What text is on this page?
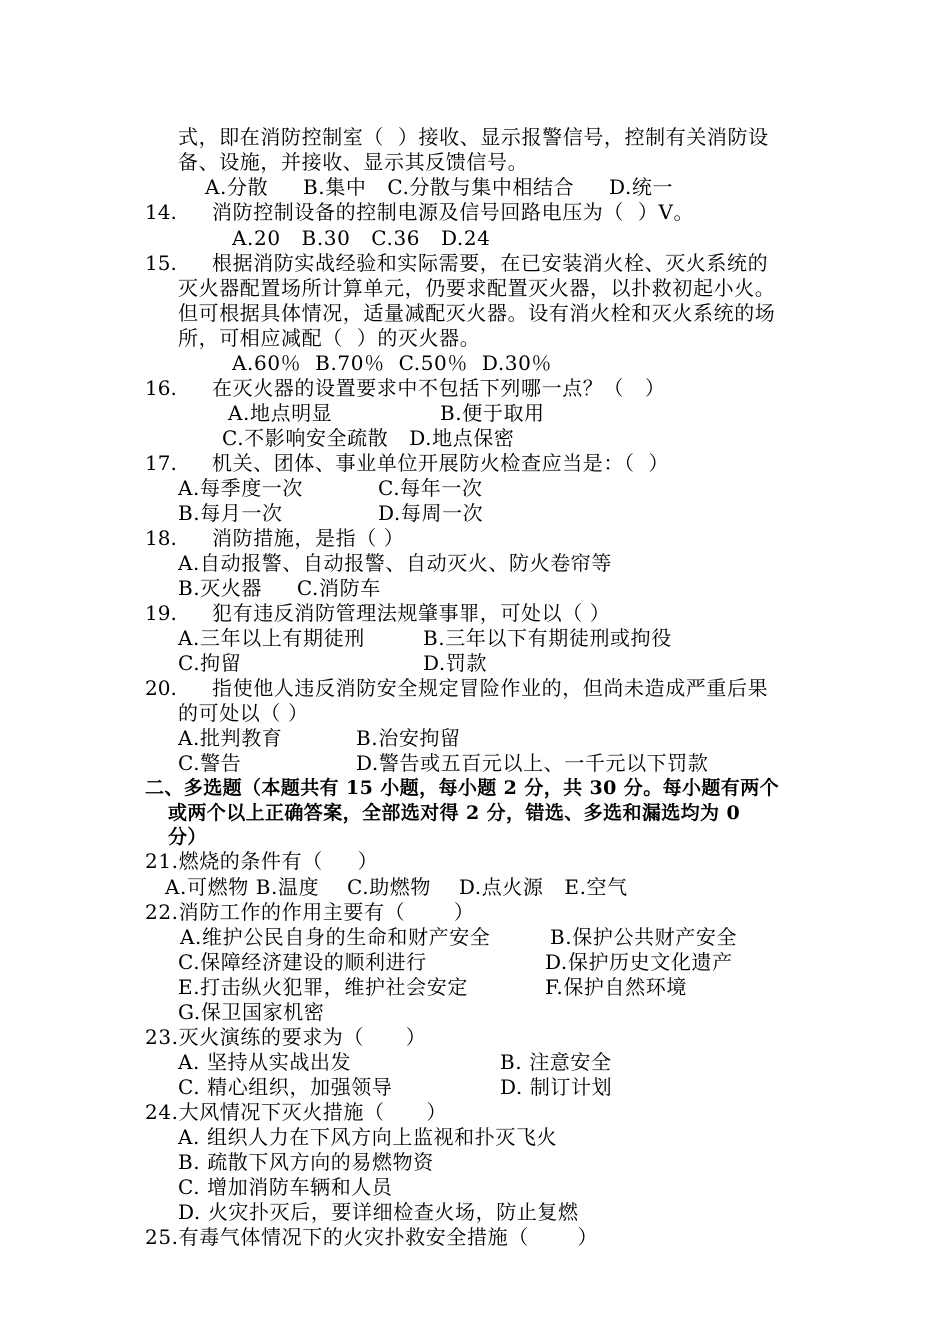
式，即在消防控制室（  ）接收、显示报警信号，控制有关消防设
备、设施，并接收、显示其反馈信号。
A.分散     B.集中   C.分散与集中相结合     D.统一
14. 消防控制设备的控制电源及信号回路电压为（  ）V。
A.20   B.30   C.36   D.24
15. 根据消防实战经验和实际需要，在已安装消火栓、灭火系统的
灭火器配置场所计算单元，仍要求配置灭火器，以扑救初起小火。
但可根据具体情况，适量减配灭火器。设有消火栓和灭火系统的场
所，可相应减配（  ）的灭火器。
A.60％  B.70％  C.50％  D.30％
16. 在灭火器的设置要求中不包括下列哪一点？（   ）
A.地点明显	B.便于取用
C.不影响安全疏散   D.地点保密
17. 机关、团体、事业单位开展防火检查应当是：（  ）
A.每季度一次	C.每年一次
B.每月一次	D.每周一次
18. 消防措施，是指（ ）
A.自动报警、自动报警、自动灭火、防火卷帘等
B.灭火器     C.消防车
19. 犯有违反消防管理法规肇事罪，可处以（ ）
A.三年以上有期徒刑	B.三年以下有期徒刑或拘役
C.拘留	D.罚款
20. 指使他人违反消防安全规定冒险作业的，但尚未造成严重后果
的可处以（ ）
A.批判教育	B.治安拘留
C.警告	D.警告或五百元以上、一千元以下罚款
二、多选题（本题共有 15 小题，每小题 2 分，共 30 分。每小题有两个
或两个以上正确答案，全部选对得 2 分，错选、多选和漏选均为 0
分）
21.燃烧的条件有（     ）
A.可燃物 B.温度    C.助燃物    D.点火源   E.空气
22.消防工作的作用主要有（       ）
A.维护公民自身的生命和财产安全	B.保护公共财产安全
C.保障经济建设的顺利进行	D.保护历史文化遗产
E.打击纵火犯罪，维护社会安定	F.保护自然环境
G.保卫国家机密
23.灭火演练的要求为（      ）
A. 坚持从实战出发	B. 注意安全
C. 精心组织，加强领导	D. 制订计划
24.大风情况下灭火措施（      ）
A. 组织人力在下风方向上监视和扑灭飞火
B. 疏散下风方向的易燃物资
C. 增加消防车辆和人员
D. 火灾扑灭后，要详细检查火场，防止复燃
25.有毒气体情况下的火灾扑救安全措施（       ）
